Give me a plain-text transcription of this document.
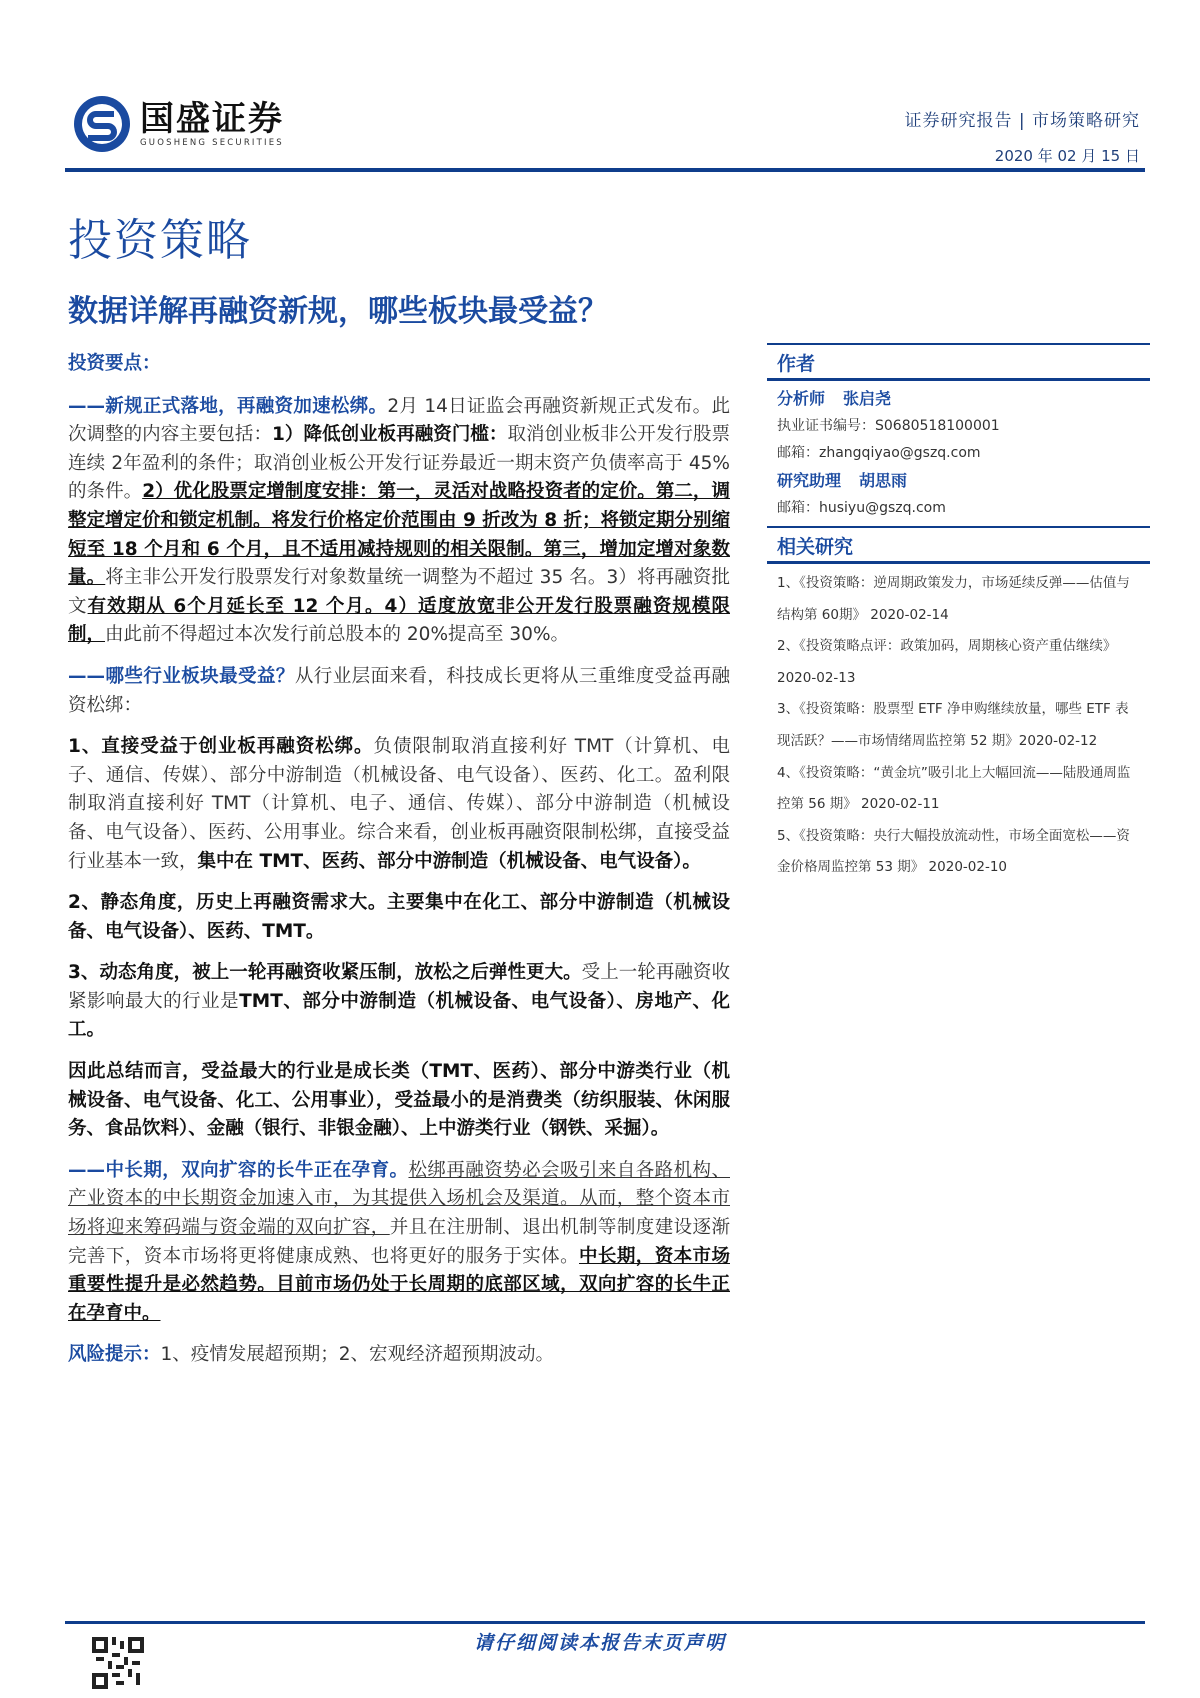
国盛证券
GUOSHENG SECURITIES
证券研究报告 | 市场策略研究
2020 年 02 月 15 日
投资策略
数据详解再融资新规，哪些板块最受益？

投资要点：

——新规正式落地，再融资加速松绑。2月 14日证监会再融资新规正式发布。此次调整的内容主要包括：1）降低创业板再融资门槛：取消创业板非公开发行股票连续 2年盈利的条件；取消创业板公开发行证券最近一期末资产负债率高于 45%的条件。2）优化股票定增制度安排：第一，灵活对战略投资者的定价。第二，调整定增定价和锁定机制。将发行价格定价范围由 9 折改为 8 折；将锁定期分别缩短至 18 个月和 6 个月，且不适用减持规则的相关限制。第三，增加定增对象数量。将主非公开发行股票发行对象数量统一调整为不超过 35 名。3）将再融资批文有效期从 6个月延长至 12 个月。4）适度放宽非公开发行股票融资规模限制，由此前不得超过本次发行前总股本的 20%提高至 30%。

——哪些行业板块最受益？从行业层面来看，科技成长更将从三重维度受益再融资松绑：

1、直接受益于创业板再融资松绑。负债限制取消直接利好 TMT（计算机、电子、通信、传媒）、部分中游制造（机械设备、电气设备）、医药、化工。盈利限制取消直接利好 TMT（计算机、电子、通信、传媒）、部分中游制造（机械设备、电气设备）、医药、公用事业。综合来看，创业板再融资限制松绑，直接受益行业基本一致，集中在 TMT、医药、部分中游制造（机械设备、电气设备）。

2、静态角度，历史上再融资需求大。主要集中在化工、部分中游制造（机械设备、电气设备）、医药、TMT。

3、动态角度，被上一轮再融资收紧压制，放松之后弹性更大。受上一轮再融资收紧影响最大的行业是TMT、部分中游制造（机械设备、电气设备）、房地产、化工。

因此总结而言，受益最大的行业是成长类（TMT、医药）、部分中游类行业（机械设备、电气设备、化工、公用事业），受益最小的是消费类（纺织服装、休闲服务、食品饮料）、金融（银行、非银金融）、上中游类行业（钢铁、采掘）。

——中长期，双向扩容的长牛正在孕育。松绑再融资势必会吸引来自各路机构、产业资本的中长期资金加速入市，为其提供入场机会及渠道。从而，整个资本市场将迎来筹码端与资金端的双向扩容，并且在注册制、退出机制等制度建设逐渐完善下，资本市场将更将健康成熟、也将更好的服务于实体。中长期，资本市场重要性提升是必然趋势。目前市场仍处于长周期的底部区域，双向扩容的长牛正在孕育中。

风险提示：1、疫情发展超预期；2、宏观经济超预期波动。

作者
分析师 张启尧
执业证书编号：S0680518100001
邮箱：zhangqiyao@gszq.com
研究助理 胡思雨
邮箱：husiyu@gszq.com
相关研究
1、《投资策略：逆周期政策发力，市场延续反弹——估值与结构第 60期》 2020-02-14
2、《投资策略点评：政策加码，周期核心资产重估继续》 2020-02-13
3、《投资策略：股票型 ETF 净申购继续放量，哪些 ETF 表现活跃？——市场情绪周监控第 52 期》2020-02-12
4、《投资策略：“黄金坑”吸引北上大幅回流——陆股通周监控第 56 期》 2020-02-11
5、《投资策略：央行大幅投放流动性，市场全面宽松——资金价格周监控第 53 期》 2020-02-10
请仔细阅读本报告末页声明
